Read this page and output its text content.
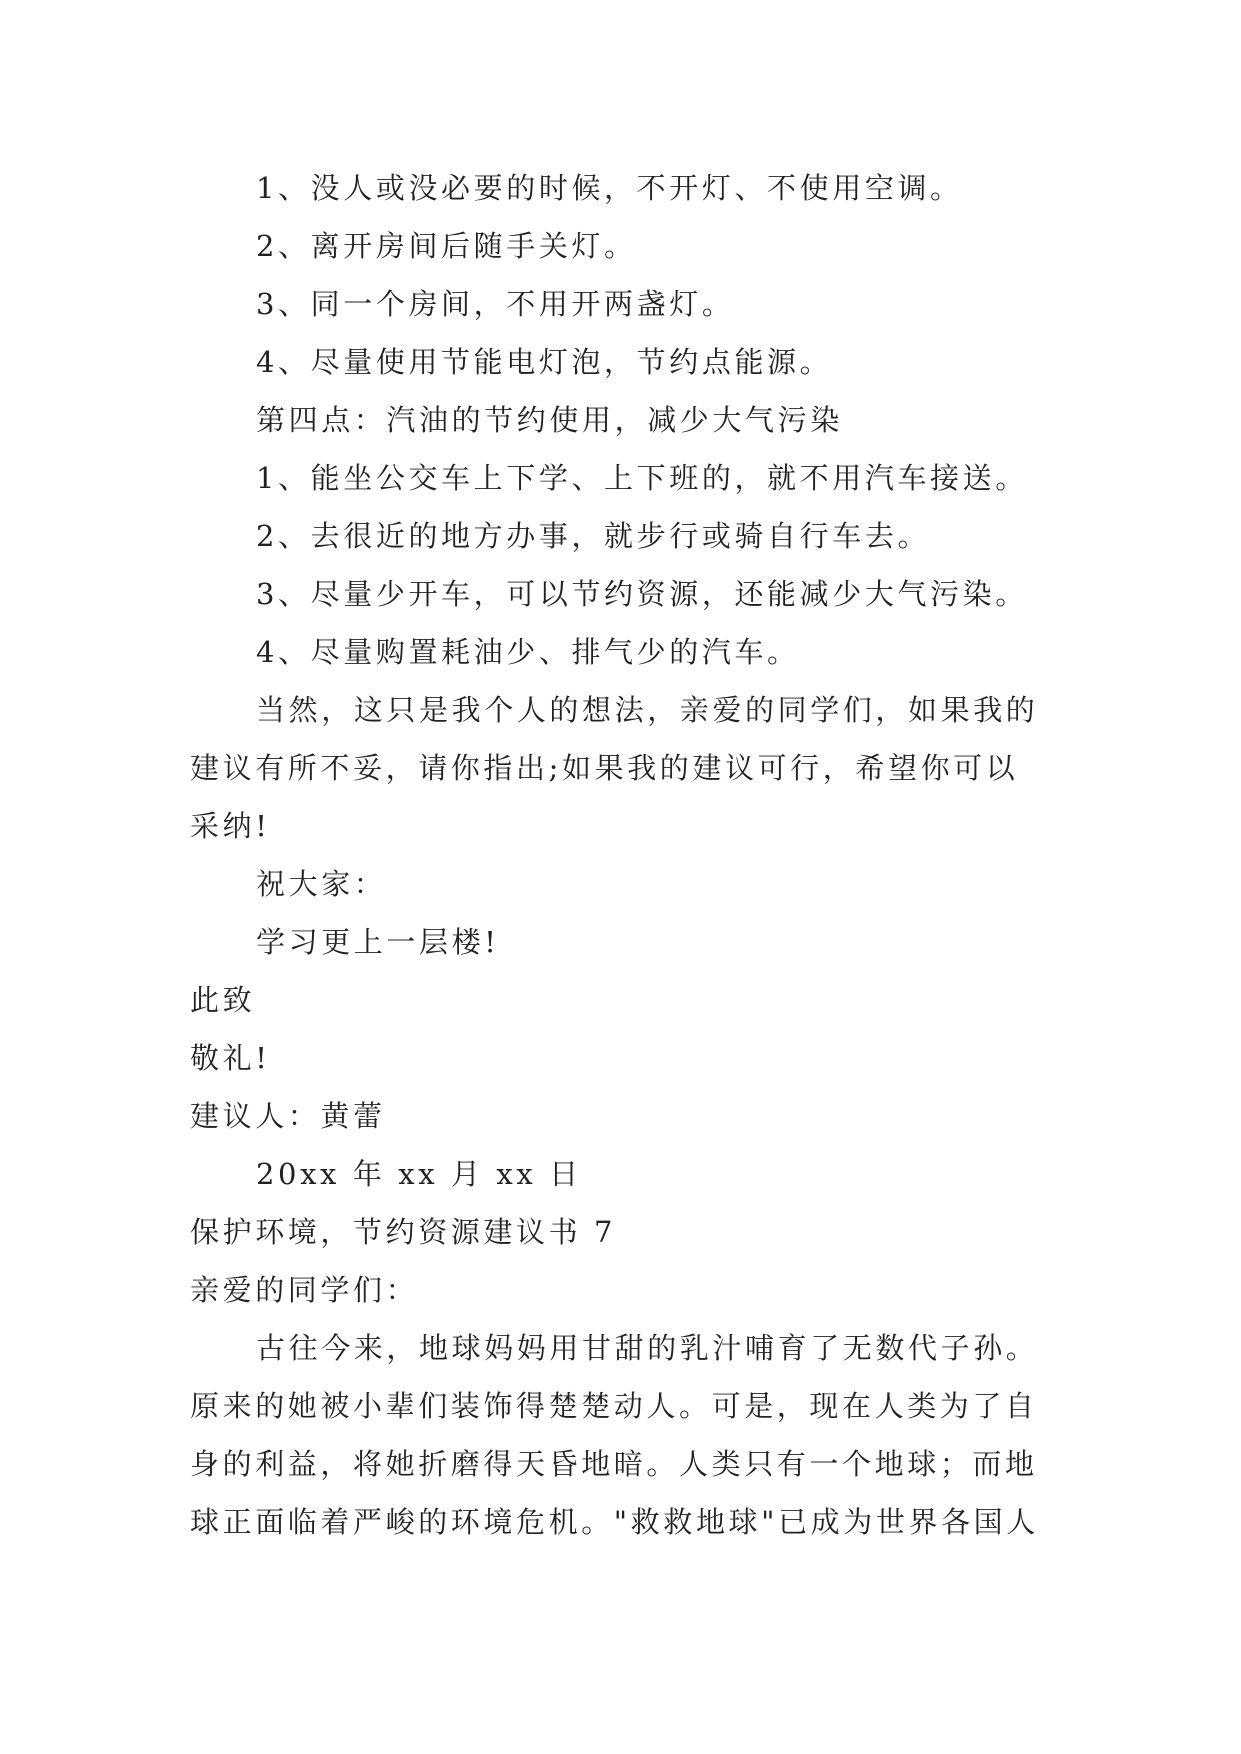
1、没人或没必要的时候，不开灯、不使用空调。
2、离开房间后随手关灯。
3、同一个房间，不用开两盏灯。
4、尽量使用节能电灯泡，节约点能源。
第四点：汽油的节约使用，减少大气污染
1、能坐公交车上下学、上下班的，就不用汽车接送。
2、去很近的地方办事，就步行或骑自行车去。
3、尽量少开车，可以节约资源，还能减少大气污染。
4、尽量购置耗油少、排气少的汽车。
当然，这只是我个人的想法，亲爱的同学们，如果我的
建议有所不妥，请你指出;如果我的建议可行，希望你可以
采纳!
祝大家：
学习更上一层楼!
此致
敬礼!
建议人：黄蕾
20xx 年 xx 月 xx 日
保护环境，节约资源建议书 7
亲爱的同学们：
古往今来，地球妈妈用甘甜的乳汁哺育了无数代子孙。
原来的她被小辈们装饰得楚楚动人。可是，现在人类为了自
身的利益，将她折磨得天昏地暗。人类只有一个地球；而地
球正面临着严峻的环境危机。"救救地球"已成为世界各国人
